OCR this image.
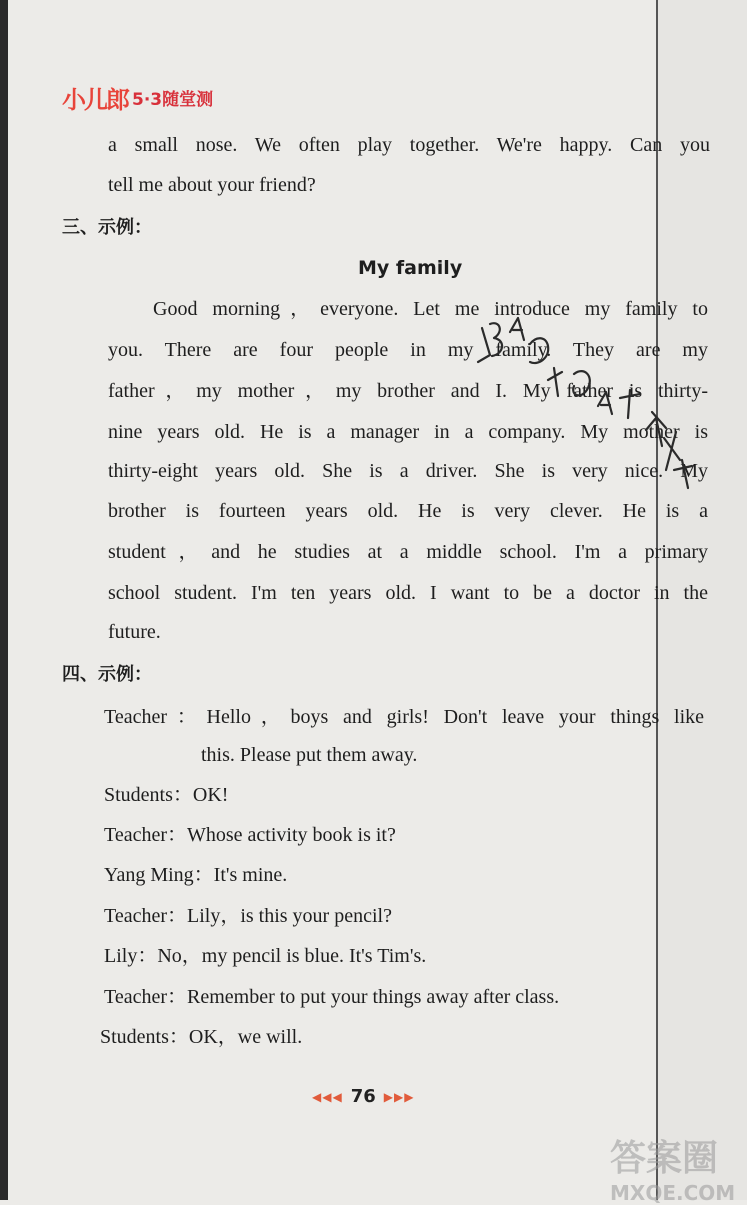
小儿郎 5·3随堂测
a small nose. We often play together. We're happy. Can you
tell me about your friend?
三、示例：
My family
Good morning，everyone. Let me introduce my family to
you. There are four people in my family. They are my
father，my mother，my brother and I. My father is thirty-
nine years old. He is a manager in a company. My mother is
thirty-eight years old. She is a driver. She is very nice. My
brother is fourteen years old. He is very clever. He is a
student，and he studies at a middle school. I'm a primary
school student. I'm ten years old. I want to be a doctor in the
future.
四、示例：
Teacher：Hello，boys and girls! Don't leave your things like
this. Please put them away.
Students：OK!
Teacher：Whose activity book is it?
Yang Ming：It's mine.
Teacher：Lily，is this your pencil?
Lily：No，my pencil is blue. It's Tim's.
Teacher：Remember to put your things away after class.
Students：OK，we will.
◀◀◀ 76 ▶▶▶
答案圈
MXQE.COM
